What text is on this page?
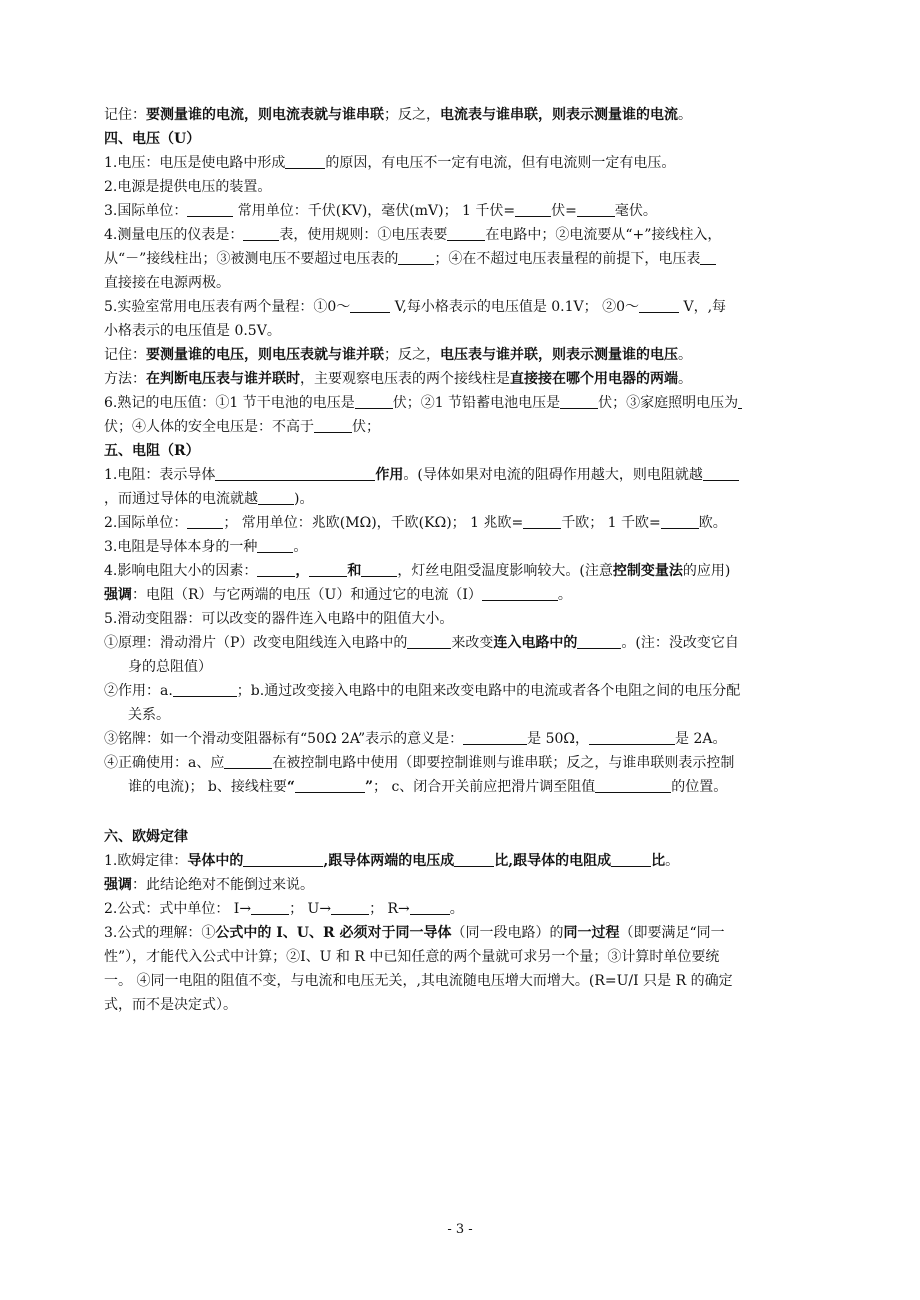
记住：要测量谁的电流，则电流表就与谁串联；反之，电流表与谁串联，则表示测量谁的电流。
四、电压（U）
1.电压：电压是使电路中形成	的原因，有电压不一定有电流，但有电流则一定有电压。
2.电源是提供电压的装置。
3.国际单位：	常用单位：千伏(KV)，毫伏(mV)； 1 千伏=	伏=	毫伏。
4.测量电压的仪表是：	表，使用规则：①电压表要	在电路中；②电流要从“+”接线柱入，
从“－”接线柱出；③被测电压不要超过电压表的	；④在不超过电压表量程的前提下，电压表
直接接在电源两极。
5.实验室常用电压表有两个量程：①0～	V,每小格表示的电压值是 0.1V； ②0～	V，,每
小格表示的电压值是 0.5V。
记住：要测量谁的电压，则电压表就与谁并联；反之，电压表与谁并联，则表示测量谁的电压。
方法：在判断电压表与谁并联时，主要观察电压表的两个接线柱是直接接在哪个用电器的两端。
6.熟记的电压值：①1 节干电池的电压是	伏；②1 节铅蓄电池电压是	伏；③家庭照明电压为
伏；④人体的安全电压是：不高于	伏；
五、电阻（R）
1.电阻：表示导体	作用。(导体如果对电流的阻碍作用越大，则电阻就越
，而通过导体的电流就越	)。
2.国际单位：	； 常用单位：兆欧(MΩ)，千欧(KΩ)； 1 兆欧=	千欧； 1 千欧=	欧。
3.电阻是导体本身的一种	。
4.影响电阻大小的因素：	，	和	，灯丝电阻受温度影响较大。(注意控制变量法的应用)
强调：电阻（R）与它两端的电压（U）和通过它的电流（I）	。
5.滑动变阻器：可以改变的器件连入电路中的阻值大小。
①原理：滑动滑片（P）改变电阻线连入电路中的	来改变连入电路中的	。(注：没改变它自
身的总阻值）
②作用：a.	；b.通过改变接入电路中的电阻来改变电路中的电流或者各个电阻之间的电压分配
关系。
③铭牌：如一个滑动变阻器标有“50Ω 2A”表示的意义是：	是 50Ω，	是 2A。
④正确使用：a、应	在被控制电路中使用（即要控制谁则与谁串联；反之，与谁串联则表示控制
谁的电流)； b、接线柱要“	”； c、闭合开关前应把滑片调至阻值	的位置。
六、欧姆定律
1.欧姆定律：导体中的	,跟导体两端的电压成	比,跟导体的电阻成	比。
强调：此结论绝对不能倒过来说。
2.公式：式中单位： I→	； U→	； R→	。
3.公式的理解：①公式中的 I、U、R 必须对于同一导体（同一段电路）的同一过程（即要满足“同一
性”），才能代入公式中计算；②I、U 和 R 中已知任意的两个量就可求另一个量；③计算时单位要统
一。 ④同一电阻的阻值不变，与电流和电压无关，,其电流随电压增大而增大。(R=U/I 只是 R 的确定
式，而不是决定式）。
- 3 -
